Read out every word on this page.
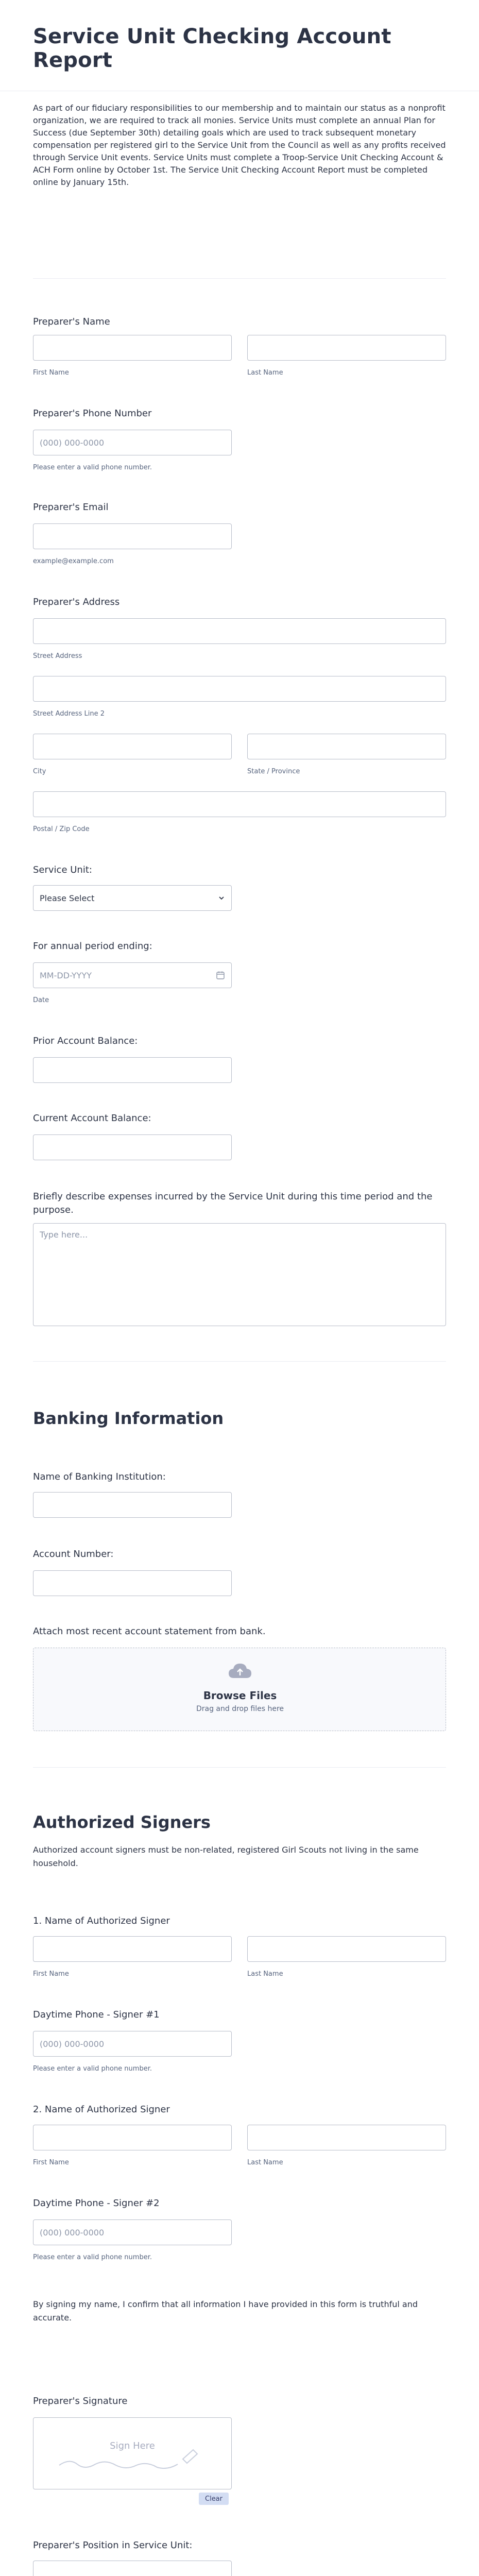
Service Unit Checking Account Report
As part of our fiduciary responsibilities to our membership and to maintain our status as a nonprofit organization, we are required to track all monies. Service Units must complete an annual Plan for Success (due September 30th) detailing goals which are used to track subsequent monetary compensation per registered girl to the Service Unit from the Council as well as any profits received through Service Unit events. Service Units must complete a Troop-Service Unit Checking Account & ACH Form online by October 1st. The Service Unit Checking Account Report must be completed online by January 15th.
Preparer's Name
First Name	Last Name
Preparer's Phone Number
(000) 000-0000
Please enter a valid phone number.
Preparer's Email
example@example.com
Preparer's Address
Street Address
Street Address Line 2
City	State / Province
Postal / Zip Code
Service Unit:
Please Select
For annual period ending:
MM-DD-YYYY
Date
Prior Account Balance:
Current Account Balance:
Briefly describe expenses incurred by the Service Unit during this time period and the purpose.
Type here...
Banking Information
Name of Banking Institution:
Account Number:
Attach most recent account statement from bank.
Browse Files
Drag and drop files here
Authorized Signers
Authorized account signers must be non-related, registered Girl Scouts not living in the same household.
1. Name of Authorized Signer
First Name	Last Name
Daytime Phone - Signer #1
(000) 000-0000
Please enter a valid phone number.
2. Name of Authorized Signer
First Name	Last Name
Daytime Phone - Signer #2
(000) 000-0000
Please enter a valid phone number.
By signing my name, I confirm that all information I have provided in this form is truthful and accurate.
Preparer's Signature
Sign Here
Clear
Preparer's Position in Service Unit:
